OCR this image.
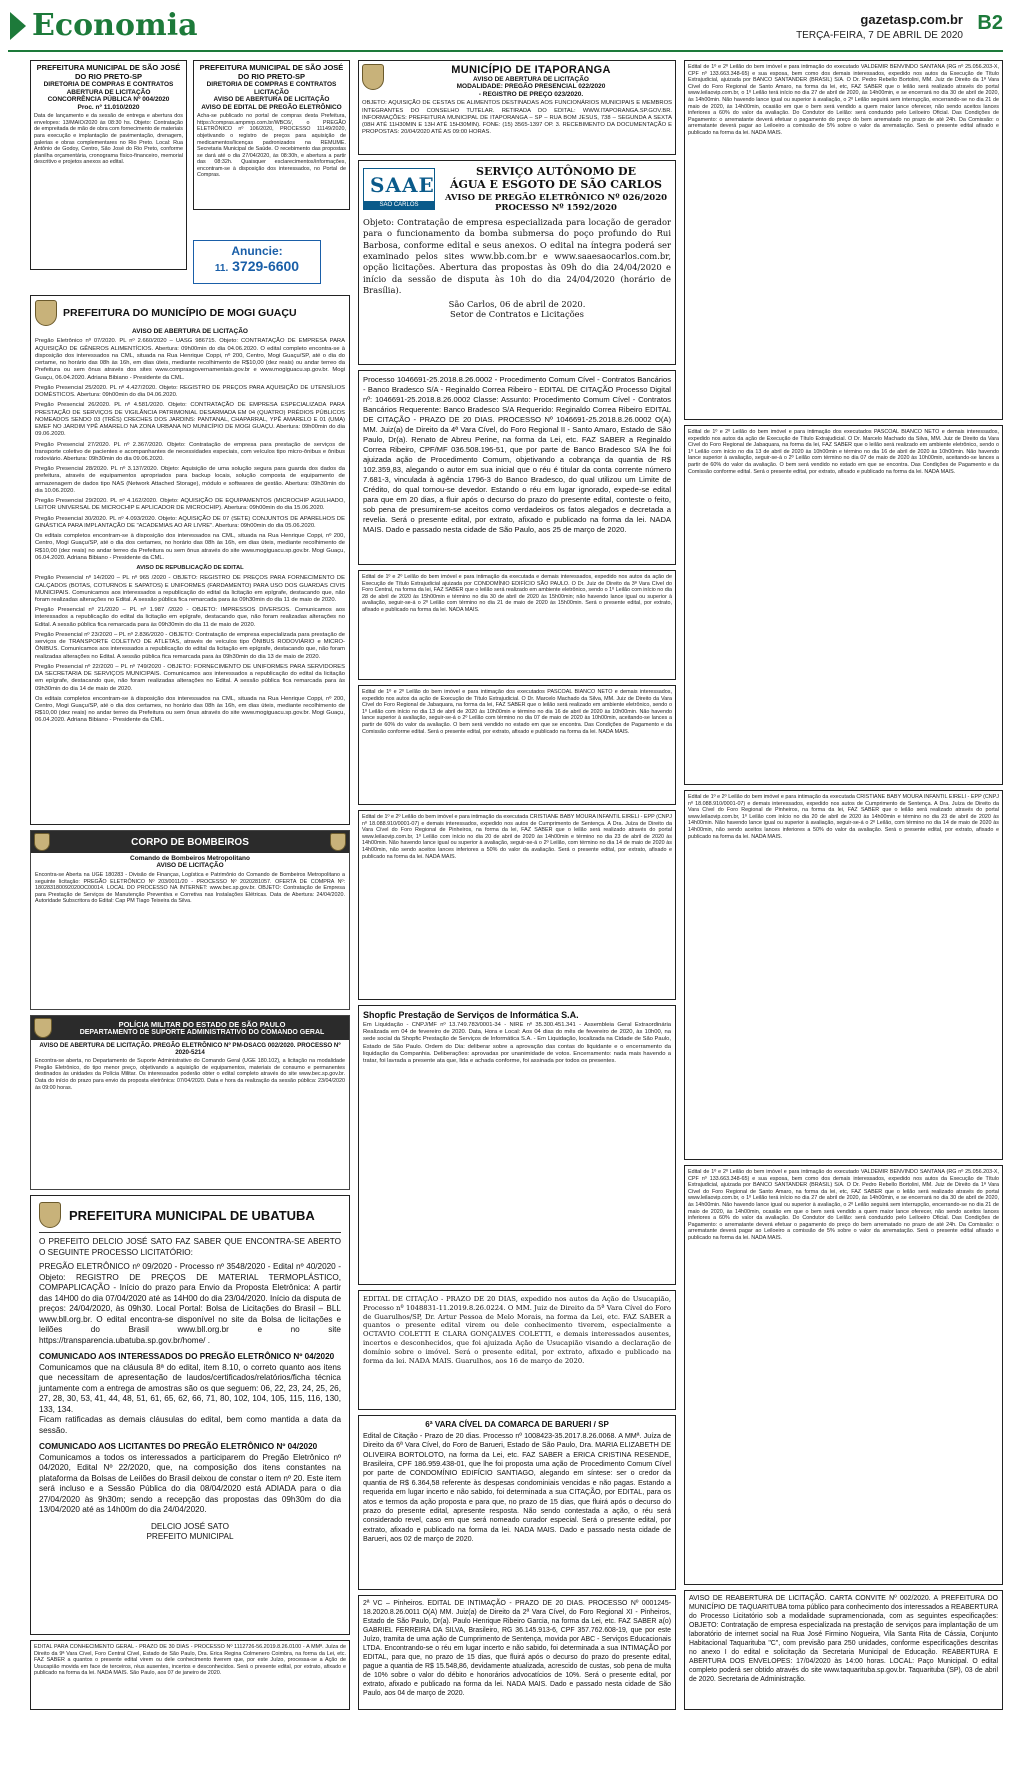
Economia	gazetasp.com.br
TERÇA-FEIRA, 7 DE ABRIL DE 2020
B2
PREFEITURA MUNICIPAL DE SÃO JOSÉ DO RIO PRETO-SP
DIRETORIA DE COMPRAS E CONTRATOS
ABERTURA DE LICITAÇÃO
CONCORRÊNCIA PÚBLICA Nº 004/2020
Proc. nº 11.010/2020
Data de lançamento e da sessão de entrega e abertura dos envelopes: 13/MAIO/2020 às 08:30 hs. Objeto: Contratação de empreitada de mão de obra com fornecimento de materiais para execução e implantação de pavimentação, drenagem, galerias e obras complementares no Rio Preto. Local: Rua Antônio de Godoy, Centro, São José do Rio Preto, conforme planilha orçamentária, cronograma físico-financeiro, memorial descritivo e projetos anexos ao edital.
PREFEITURA MUNICIPAL DE SÃO JOSÉ DO RIO PRETO-SP
DIRETORIA DE COMPRAS E CONTRATOS
LICITAÇÃO
AVISO DE ABERTURA DE LICITAÇÃO
AVISO DE EDITAL DE PREGÃO ELETRÔNICO
Acha-se publicado no portal de compras desta Prefeitura, https://compras.ampmrp.com.br/WBC6/, o PREGÃO ELETRÔNICO nº 106/2020, PROCESSO 11149/2020, objetivando o registro de preços para aquisição de medicamentos/licenças padronizados na REMUME. Secretaria Municipal de Saúde. O recebimento das propostas se dará até o dia 27/04/2020, às 08:30h, e abertura a partir das 08:32h. Quaisquer esclarecimentos/informações, encontram-se à disposição dos interessados, no Portal de Compras.
Anuncie:
11. 3729-6600
PREFEITURA DO MUNICÍPIO DE MOGI GUAÇU
AVISO DE ABERTURA DE LICITAÇÃO
Pregão Eletrônico nº 07/2020. PL nº 2.660/2020 – UASG 986715. Objeto: CONTRATAÇÃO DE EMPRESA PARA AQUISIÇÃO DE GÊNEROS ALIMENTÍCIOS. Abertura: 09h00min do dia 04.06.2020. O edital completo encontra-se à disposição dos interessados na CML, situada na Rua Henrique Coppi, nº 200, Centro, Mogi Guaçu/SP, até o dia do certame, no horário das 08h às 16h, em dias úteis, mediante recolhimento de R$10,00 (dez reais) ou andar terreo da Prefeitura ou sem ônus através dos sites www.comprasgovernamentais.gov.br e www.mogiguacu.sp.gov.br. Mogi Guaçu, 06.04.2020. Adriana Bibiano - Presidente da CML.
Pregão Presencial 25/2020. PL nº 4.427/2020. Objeto: REGISTRO DE PREÇOS PARA AQUISIÇÃO DE UTENSÍLIOS DOMÉSTICOS. Abertura: 09h00min do dia 04.06.2020.
Pregão Presencial 26/2020. PL nº 4.581/2020. Objeto: CONTRATAÇÃO DE EMPRESA ESPECIALIZADA PARA PRESTAÇÃO DE SERVIÇOS DE VIGILÂNCIA PATRIMONIAL DESARMADA EM 04 (QUATRO) PRÉDIOS PÚBLICOS NOMEADOS SENDO 03 (TRÊS) CRECHES DOS JARDINS: PANTANAL, CHAPARRAL, YPÊ AMARELO E 01 (UMA) EMEF NO JARDIM YPÊ AMARELO NA ZONA URBANA NO MUNICÍPIO DE MOGI GUAÇU. Abertura: 09h00min do dia 09.06.2020.
Pregão Presencial 27/2020. PL nº 2.367/2020. Objeto: Contratação de empresa para prestação de serviços de transporte coletivo de pacientes e acompanhantes de necessidades especiais, com veículos tipo micro-ônibus e ônibus rodoviário. Abertura: 09h30min do dia 09.06.2020.
Pregão Presencial 28/2020. PL nº 3.137/2020. Objeto: Aquisição de uma solução segura para guarda dos dados da prefeitura, através de equipamentos apropriados para backup locais, solução composta de equipamento de armazenagem de dados tipo NAS (Network Attached Storage), módulo e softwares de gestão. Abertura: 09h30min do dia 10.06.2020.
Pregão Presencial 29/2020. PL nº 4.162/2020. Objeto: AQUISIÇÃO DE EQUIPAMENTOS (MICROCHIP AGULHADO, LEITOR UNIVERSAL DE MICROCHIP E APLICADOR DE MICROCHIP). Abertura: 09h00min do dia 15.06.2020.
Pregão Presencial 30/2020. PL nº 4.093/2020. Objeto: AQUISIÇÃO DE 07 (SETE) CONJUNTOS DE APARELHOS DE GINÁSTICA PARA IMPLANTAÇÃO DE "ACADEMIAS AO AR LIVRE". Abertura: 09h00min do dia 05.06.2020.
Os editais completos encontram-se à disposição dos interessados na CML, situada na Rua Henrique Coppi, nº 200, Centro, Mogi Guaçu/SP, até o dia dos certames, no horário das 08h às 16h, em dias úteis, mediante recolhimento de R$10,00 (dez reais) no andar terreo da Prefeitura ou sem ônus através do site www.mogiguacu.sp.gov.br. Mogi Guaçu, 06.04.2020. Adriana Bibiano - Presidente da CML.
AVISO DE REPUBLICAÇÃO DE EDITAL
Pregão Presencial nº 14/2020 – PL nº 965 /2020 - OBJETO: REGISTRO DE PREÇOS PARA FORNECIMENTO DE CALÇADOS (BOTAS, COTURNOS E SAPATOS) E UNIFORMES (FARDAMENTO) PARA USO DOS GUARDAS CIVIS MUNICIPAIS. Comunicamos aos interessados a republicação do edital da licitação em epígrafe, destacando que, não foram realizadas alterações no Edital. A sessão pública fica remarcada para às 09h30min do dia 11 de maio de 2020.
Pregão Presencial nº 21/2020 – PL nº 1.987 /2020 - OBJETO: IMPRESSOS DIVERSOS. Comunicamos aos interessados a republicação do edital da licitação em epígrafe, destacando que, não foram realizadas alterações no Edital. A sessão pública fica remarcada para às 09h30min do dia 11 de maio de 2020.
Pregão Presencial nº 23/2020 – PL nº 2.836/2020 - OBJETO: Contratação de empresa especializada para prestação de serviços de TRANSPORTE COLETIVO DE ATLETAS, através de veículos tipo ÔNIBUS RODOVIÁRIO e MICRO-ÔNIBUS. Comunicamos aos interessados a republicação do edital da licitação em epígrafe, destacando que, não foram realizadas alterações no Edital. A sessão pública fica remarcada para às 09h30min do dia 13 de maio de 2020.
Pregão Presencial nº 22/2020 – PL nº 749/2020 - OBJETO: FORNECIMENTO DE UNIFORMES PARA SERVIDORES DA SECRETARIA DE SERVIÇOS MUNICIPAIS. Comunicamos aos interessados a republicação do edital da licitação em epígrafe, destacando que, não foram realizadas alterações no Edital. A sessão pública fica remarcada para às 09h30min do dia 14 de maio de 2020.
Os editais completos encontram-se à disposição dos interessados na CML, situada na Rua Henrique Coppi, nº 200, Centro, Mogi Guaçu/SP, até o dia dos certames, no horário das 08h às 16h, em dias úteis, mediante recolhimento de R$10,00 (dez reais) no andar terreo da Prefeitura ou sem ônus através do site www.mogiguacu.sp.gov.br. Mogi Guaçu, 06.04.2020. Adriana Bibiano - Presidente da CML.
CORPO DE BOMBEIROS
Comando de Bombeiros Metropolitano
AVISO DE LICITAÇÃO
Encontra-se Aberta na UGE 180283 - Divisão de Finanças, Logística e Patrimônio do Comando de Bombeiros Metropolitano a seguinte licitação: PREGÃO ELETRÔNICO Nº 203/0011/20 - PROCESSO Nº 2020281057. OFERTA DE COMPRA Nº: 180283180092020OC00014. LOCAL DO PROCESSO NA INTERNET: www.bec.sp.gov.br. OBJETO: Contratação de Empresa para Prestação de Serviços de Manutenção Preventiva e Corretiva nas Instalações Elétricas. Data de Abertura: 24/04/2020. Autoridade Subscritora do Edital: Cap PM Tiago Teixeira da Silva.
POLÍCIA MILITAR DO ESTADO DE SÃO PAULO
DEPARTAMENTO DE SUPORTE ADMINISTRATIVO DO COMANDO GERAL
AVISO DE ABERTURA DE LICITAÇÃO. PREGÃO ELETRÔNICO Nº PM-DSACG 002/2020. PROCESSO Nº 2020-5214
Encontra-se aberta, no Departamento de Suporte Administrativo do Comando Geral (UGE 180.102), a licitação na modalidade Pregão Eletrônico, do tipo menor preço, objetivando a aquisição de equipamentos, materiais de consumo e permanentes destinados às unidades da Polícia Militar. Os interessados poderão obter o edital completo através do site www.bec.sp.gov.br. Data do início do prazo para envio da proposta eletrônica: 07/04/2020. Data e hora da realização da sessão pública: 23/04/2020 às 09:00 horas.
PREFEITURA MUNICIPAL DE UBATUBA
O PREFEITO DELCIO JOSÉ SATO FAZ SABER QUE ENCONTRA-SE ABERTO O SEGUINTE PROCESSO LICITATÓRIO:
PREGÃO ELETRÔNICO nº 09/2020 - Processo nº 3548/2020 - Edital nº 40/2020 - Objeto: REGISTRO DE PREÇOS DE MATERIAL TERMOPLÁSTICO, COMPAPLICAÇÃO - Início do prazo para Envio da Proposta Eletrônica: A partir das 14H00 do dia 07/04/2020 até as 14H00 do dia 23/04/2020. Início da disputa de preços: 24/04/2020, às 09h30. Local Portal: Bolsa de Licitações do Brasil – BLL www.bll.org.br. O edital encontra-se disponível no site da Bolsa de licitações e leilões do Brasil www.bll.org.br e no site https://transparencia.ubatuba.sp.gov.br/home/ .
COMUNICADO AOS INTERESSADOS DO PREGÃO ELETRÔNICO Nº 04/2020
Comunicamos que na cláusula 8ª do edital, item 8.10, o correto quanto aos itens que necessitam de apresentação de laudos/certificados/relatórios/ficha técnica juntamente com a entrega de amostras são os que seguem: 06, 22, 23, 24, 25, 26, 27, 28, 30, 53, 41, 44, 48, 51, 61, 65, 62, 66, 71, 80, 102, 104, 105, 115, 116, 130, 133, 134.
Ficam ratificadas as demais cláusulas do edital, bem como mantida a data da sessão.
COMUNICADO AOS LICITANTES DO PREGÃO ELETRÔNICO Nº 04/2020
Comunicamos a todos os interessados a participarem do Pregão Eletrônico nº 04/2020, Edital Nº 22/2020, que, na composição dos itens constantes na plataforma da Bolsas de Leilões do Brasil deixou de constar o item nº 20. Este item será incluso e a Sessão Pública do dia 08/04/2020 está ADIADA para o dia 27/04/2020 às 9h30m; sendo a recepção das propostas das 09h30m do dia 13/04/2020 até as 14h00m do dia 24/04/2020.
DELCIO JOSÉ SATO
PREFEITO MUNICIPAL
EDITAL PARA CONHECIMENTO GERAL - PRAZO DE 30 DIAS - PROCESSO Nº 1112726-56.2019.8.26.0100 - A MMª. Juíza de Direito da 9ª Vara Cível, Foro Central Cível, Estado de São Paulo, Dra. Erica Regina Colmenero Coimbra, na forma da Lei, etc. FAZ SABER a quantos o presente edital virem ou dele conhecimento tiverem que, por este Juízo, processa-se a Ação de Usucapião movida em face de terceiros, réus ausentes, incertos e desconhecidos. Será o presente edital, por extrato, afixado e publicado na forma da lei. NADA MAIS. São Paulo, aos 07 de janeiro de 2020.
MUNICÍPIO DE ITAPORANGA
AVISO DE ABERTURA DE LICITAÇÃO
MODALIDADE: PREGÃO PRESENCIAL 022/2020
- REGISTRO DE PREÇO 023/2020.
OBJETO: AQUISIÇÃO DE CESTAS DE ALIMENTOS DESTINADAS AOS FUNCIONÁRIOS MUNICIPAIS E MEMBROS INTEGRANTES DO CONSELHO TUTELAR. RETIRADA DO EDITAL: WWW.ITAPORANGA.SP.GOV.BR. INFORMAÇÕES: PREFEITURA MUNICIPAL DE ITAPORANGA – SP – RUA BOM JESUS, 738 – SEGUNDA A SEXTA (08H ATÉ 11H30MIN E 13H ATÉ 15H30MIN). FONE: (15) 3565-1397 OP. 3. RECEBIMENTO DA DOCUMENTAÇÃO E PROPOSTAS: 20/04/2020 ATÉ AS 09:00 HORAS.
SAAE
SÃO CARLOS
SERVIÇO AUTÔNOMO DE
ÁGUA E ESGOTO DE SÃO CARLOS
AVISO DE PREGÃO ELETRÔNICO Nº 026/2020
PROCESSO Nº 1592/2020
Objeto: Contratação de empresa especializada para locação de gerador para o funcionamento da bomba submersa do poço profundo do Rui Barbosa, conforme edital e seus anexos. O edital na íntegra poderá ser examinado pelos sites www.bb.com.br e www.saaesaocarlos.com.br, opção licitações. Abertura das propostas às 09h do dia 24/04/2020 e início da sessão de disputa às 10h do dia 24/04/2020 (horário de Brasília).
São Carlos, 06 de abril de 2020.
Setor de Contratos e Licitações
Processo 1046691-25.2018.8.26.0002 - Procedimento Comum Cível - Contratos Bancários - Banco Bradesco S/A - Reginaldo Correa Ribeiro - EDITAL DE CITAÇÃO Processo Digital nº: 1046691-25.2018.8.26.0002 Classe: Assunto: Procedimento Comum Cível - Contratos Bancários Requerente: Banco Bradesco S/A Requerido: Reginaldo Correa Ribeiro EDITAL DE CITAÇÃO - PRAZO DE 20 DIAS. PROCESSO Nº 1046691-25.2018.8.26.0002 O(A) MM. Juiz(a) de Direito da 4ª Vara Cível, do Foro Regional II - Santo Amaro, Estado de São Paulo, Dr(a). Renato de Abreu Perine, na forma da Lei, etc. FAZ SABER a Reginaldo Correa Ribeiro, CPF/MF 036.508.196-51, que por parte de Banco Bradesco S/A lhe foi ajuizada ação de Procedimento Comum, objetivando a cobrança da quantia de R$ 102.359,83, alegando o autor em sua inicial que o réu é titular da conta corrente número 7.681-3, vinculada à agência 1796-3 do Banco Bradesco, do qual utilizou um Limite de Crédito, do qual tornou-se devedor. Estando o réu em lugar ignorado, expede-se edital para que em 20 dias, a fluir após o decurso do prazo do presente edital, conteste o feito, sob pena de presumirem-se aceitos como verdadeiros os fatos alegados e decretada a revelia. Será o presente edital, por extrato, afixado e publicado na forma da lei. NADA MAIS. Dado e passado nesta cidade de São Paulo, aos 25 de março de 2020.
Edital de 1º e 2º Leilão do bem imóvel e para intimação da executada e demais interessados, expedido nos autos da ação de Execução de Título Extrajudicial ajuizada por CONDOMÍNIO EDIFÍCIO SÃO PAULO. O Dr. Juiz de Direito da 3ª Vara Cível do Foro Central, na forma da lei, FAZ SABER que o leilão será realizado em ambiente eletrônico, sendo o 1º Leilão com início no dia 28 de abril de 2020 às 15h00min e término no dia 30 de abril de 2020 às 15h00min; não havendo lance igual ou superior à avaliação, seguir-se-á o 2º Leilão com término no dia 21 de maio de 2020 às 15h00min. Será o presente edital, por extrato, afixado e publicado na forma da lei. NADA MAIS.
Edital de 1º e 2º Leilão do bem imóvel e para intimação dos executados PASCOAL BIANCO NETO e demais interessados, expedido nos autos da ação de Execução de Título Extrajudicial. O Dr. Marcelo Machado da Silva, MM. Juiz de Direito da Vara Cível do Foro Regional de Jabaquara, na forma da lei, FAZ SABER que o leilão será realizado em ambiente eletrônico, sendo o 1º Leilão com início no dia 13 de abril de 2020 às 10h00min e término no dia 16 de abril de 2020 às 10h00min. Não havendo lance superior à avaliação, seguir-se-á o 2º Leilão com término no dia 07 de maio de 2020 às 10h00min, aceitando-se lances a partir de 60% do valor da avaliação. O bem será vendido no estado em que se encontra. Das Condições de Pagamento e da Comissão conforme edital. Será o presente edital, por extrato, afixado e publicado na forma da lei. NADA MAIS.
Edital de 1º e 2º Leilão do bem imóvel e para intimação da executada CRISTIANE BABY MOURA INFANTIL EIRELI - EPP (CNPJ nº 18.088.910/0001-07) e demais interessados, expedido nos autos de Cumprimento de Sentença. A Dra. Juíza de Direito da Vara Cível do Foro Regional de Pinheiros, na forma da lei, FAZ SABER que o leilão será realizado através do portal www.leilaovip.com.br, 1º Leilão com início no dia 20 de abril de 2020 às 14h00min e término no dia 23 de abril de 2020 às 14h00min. Não havendo lance igual ou superior à avaliação, seguir-se-á o 2º Leilão, com término no dia 14 de maio de 2020 às 14h00min, não sendo aceitos lances inferiores a 50% do valor da avaliação. Será o presente edital, por extrato, afixado e publicado na forma da lei. NADA MAIS.
Shopfic Prestação de Serviços de Informática S.A.
Em Liquidação - CNPJ/MF nº 13.749.783/0001-34 - NIRE nº 35.300.451.341 - Assembleia Geral Extraordinária Realizada em 04 de fevereiro de 2020. Data, Hora e Local: Aos 04 dias do mês de fevereiro de 2020, às 10h00, na sede social da Shopfic Prestação de Serviços de Informática S.A. - Em Liquidação, localizada na Cidade de São Paulo, Estado de São Paulo. Ordem do Dia: deliberar sobre a aprovação das contas do liquidante e o encerramento da liquidação da Companhia. Deliberações: aprovadas por unanimidade de votos. Encerramento: nada mais havendo a tratar, foi lavrada a presente ata que, lida e achada conforme, foi assinada por todos os presentes.
EDITAL DE CITAÇÃO - PRAZO DE 20 DIAS, expedido nos autos da Ação de Usucapião, Processo nº 1048831-11.2019.8.26.0224. O MM. Juiz de Direito da 5ª Vara Cível do Foro de Guarulhos/SP, Dr. Artur Pessoa de Melo Morais, na forma da Lei, etc. FAZ SABER a quantos o presente edital virem ou dele conhecimento tiverem, especialmente a OCTAVIO COLETTI E CLARA GONÇALVES COLETTI, e demais interessados ausentes, incertos e desconhecidos, que foi ajuizada Ação de Usucapião visando a declaração de domínio sobre o imóvel. Será o presente edital, por extrato, afixado e publicado na forma da lei. NADA MAIS. Guarulhos, aos 16 de março de 2020.
6ª VARA CÍVEL DA COMARCA DE BARUERI / SP
Edital de Citação - Prazo de 20 dias. Processo nº 1008423-35.2017.8.26.0068. A MMª. Juíza de Direito da 6ª Vara Cível, do Foro de Barueri, Estado de São Paulo, Dra. MARIA ELIZABETH DE OLIVEIRA BORTOLOTO, na forma da Lei, etc. FAZ SABER a ERICA CRISTINA RESENDE, Brasileira, CPF 186.959.438-01, que lhe foi proposta uma ação de Procedimento Comum Cível por parte de CONDOMÍNIO EDIFÍCIO SANTIAGO, alegando em síntese: ser o credor da quantia de R$ 6.364,58 referente às despesas condominiais vencidas e não pagas. Estando a requerida em lugar incerto e não sabido, foi determinada a sua CITAÇÃO, por EDITAL, para os atos e termos da ação proposta e para que, no prazo de 15 dias, que fluirá após o decurso do prazo do presente edital, apresente resposta. Não sendo contestada a ação, o réu será considerado revel, caso em que será nomeado curador especial. Será o presente edital, por extrato, afixado e publicado na forma da lei. NADA MAIS. Dado e passado nesta cidade de Barueri, aos 02 de março de 2020.
2ª VC – Pinheiros. EDITAL DE INTIMAÇÃO - PRAZO DE 20 DIAS. PROCESSO Nº 0001245-18.2020.8.26.0011 O(A) MM. Juiz(a) de Direito da 2ª Vara Cível, do Foro Regional XI - Pinheiros, Estado de São Paulo, Dr(a). Paulo Henrique Ribeiro Garcia, na forma da Lei, etc. FAZ SABER a(o) GABRIEL FERREIRA DA SILVA, Brasileiro, RG 36.145.913-6, CPF 357.762.608-19, que por este Juízo, tramita de uma ação de Cumprimento de Sentença, movida por ABC - Serviços Educacionais LTDA. Encontrando-se o réu em lugar incerto e não sabido, foi determinada a sua INTIMAÇÃO por EDITAL, para que, no prazo de 15 dias, que fluirá após o decurso do prazo do presente edital, pague a quantia de R$ 15.548,86, devidamente atualizada, acrescido de custas, sob pena de multa de 10% sobre o valor do débito e honorários advocatícios de 10%. Será o presente edital, por extrato, afixado e publicado na forma da lei. NADA MAIS. Dado e passado nesta cidade de São Paulo, aos 04 de março de 2020.
Edital de 1º e 2º Leilão do bem imóvel e para intimação do executado VALDEMIR BENVINDO SANTANA (RG nº 25.056.203-X, CPF nº 133.663.348-65) e sua esposa, bem como dos demais interessados, expedido nos autos da Execução de Título Extrajudicial, ajuizada por BANCO SANTANDER (BRASIL) S/A. O Dr. Pedro Rebello Bortolini, MM. Juiz de Direito da 1ª Vara Cível do Foro Regional de Santo Amaro, na forma da lei, etc, FAZ SABER que o leilão será realizado através do portal www.leilaovip.com.br, o 1º Leilão terá início no dia 27 de abril de 2020, às 14h00min, e se encerrará no dia 30 de abril de 2020, às 14h00min. Não havendo lance igual ou superior à avaliação, o 2º Leilão seguirá sem interrupção, encerrando-se no dia 21 de maio de 2020, às 14h00min, ocasião em que o bem será vendido a quem maior lance oferecer, não sendo aceitos lances inferiores a 60% do valor da avaliação. Do Condutor do Leilão: será conduzido pelo Leiloeiro Oficial. Das Condições de Pagamento: o arrematante deverá efetuar o pagamento do preço do bem arrematado no prazo de até 24h. Da Comissão: o arrematante deverá pagar ao Leiloeiro a comissão de 5% sobre o valor da arrematação. Será o presente edital afixado e publicado na forma da lei. NADA MAIS.
Edital de 1º e 2º Leilão do bem imóvel e para intimação dos executados PASCOAL BIANCO NETO e demais interessados, expedido nos autos da ação de Execução de Título Extrajudicial. O Dr. Marcelo Machado da Silva, MM. Juiz de Direito da Vara Cível do Foro Regional de Jabaquara, na forma da lei, FAZ SABER que o leilão será realizado em ambiente eletrônico, sendo o 1º Leilão com início no dia 13 de abril de 2020 às 10h00min e término no dia 16 de abril de 2020 às 10h00min. Não havendo lance superior à avaliação, seguir-se-á o 2º Leilão com término no dia 07 de maio de 2020 às 10h00min, aceitando-se lances a partir de 60% do valor da avaliação. O bem será vendido no estado em que se encontra. Das Condições de Pagamento e da Comissão conforme edital. Será o presente edital, por extrato, afixado e publicado na forma da lei. NADA MAIS.
Edital de 1º e 2º Leilão do bem imóvel e para intimação da executada CRISTIANE BABY MOURA INFANTIL EIRELI - EPP (CNPJ nº 18.088.910/0001-07) e demais interessados, expedido nos autos de Cumprimento de Sentença. A Dra. Juíza de Direito da Vara Cível do Foro Regional de Pinheiros, na forma da lei, FAZ SABER que o leilão será realizado através do portal www.leilaovip.com.br, 1º Leilão com início no dia 20 de abril de 2020 às 14h00min e término no dia 23 de abril de 2020 às 14h00min. Não havendo lance igual ou superior à avaliação, seguir-se-á o 2º Leilão, com término no dia 14 de maio de 2020 às 14h00min, não sendo aceitos lances inferiores a 50% do valor da avaliação. Será o presente edital, por extrato, afixado e publicado na forma da lei. NADA MAIS.
Edital de 1º e 2º Leilão do bem imóvel e para intimação do executado VALDEMIR BENVINDO SANTANA (RG nº 25.056.203-X, CPF nº 133.663.348-65) e sua esposa, bem como dos demais interessados, expedido nos autos da Execução de Título Extrajudicial, ajuizada por BANCO SANTANDER (BRASIL) S/A. O Dr. Pedro Rebello Bortolini, MM. Juiz de Direito da 1ª Vara Cível do Foro Regional de Santo Amaro, na forma da lei, etc, FAZ SABER que o leilão será realizado através do portal www.leilaovip.com.br, o 1º Leilão terá início no dia 27 de abril de 2020, às 14h00min, e se encerrará no dia 30 de abril de 2020, às 14h00min. Não havendo lance igual ou superior à avaliação, o 2º Leilão seguirá sem interrupção, encerrando-se no dia 21 de maio de 2020, às 14h00min, ocasião em que o bem será vendido a quem maior lance oferecer, não sendo aceitos lances inferiores a 60% do valor da avaliação. Do Condutor do Leilão: será conduzido pelo Leiloeiro Oficial. Das Condições de Pagamento: o arrematante deverá efetuar o pagamento do preço do bem arrematado no prazo de até 24h. Da Comissão: o arrematante deverá pagar ao Leiloeiro a comissão de 5% sobre o valor da arrematação. Será o presente edital afixado e publicado na forma da lei. NADA MAIS.
AVISO DE REABERTURA DE LICITAÇÃO. CARTA CONVITE Nº 002/2020. A PREFEITURA DO MUNICÍPIO DE TAQUARITUBA torna público para conhecimento dos interessados a REABERTURA do Processo Licitatório sob a modalidade supramencionada, com as seguintes especificações: OBJETO: Contratação de empresa especializada na prestação de serviços para implantação de um laboratório de internet social na Rua José Firmino Nogueira, Vila Santa Rita de Cássia, Conjunto Habitacional Taquarituba "C", com previsão para 250 unidades, conforme especificações descritas no anexo I do edital e solicitação da Secretaria Municipal de Educação. REABERTURA E ABERTURA DOS ENVELOPES: 17/04/2020 às 14:00 horas. LOCAL: Paço Municipal. O edital completo poderá ser obtido através do site www.taquarituba.sp.gov.br. Taquarituba (SP), 03 de abril de 2020. Secretaria de Administração.
